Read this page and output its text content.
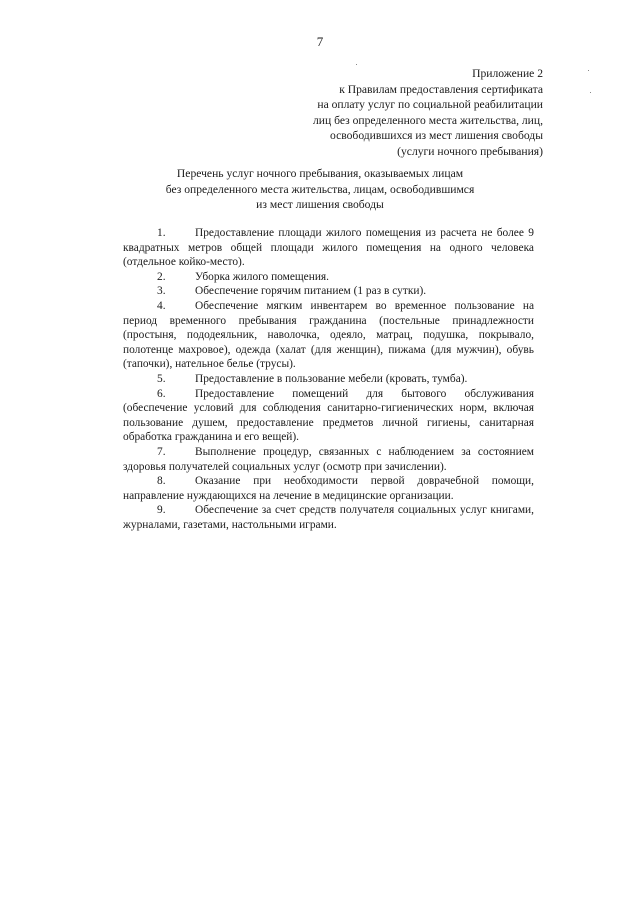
7
Приложение 2
к Правилам предоставления сертификата
на оплату услуг по социальной реабилитации
лиц без определенного места жительства, лиц,
освободившихся из мест лишения свободы
(услуги ночного пребывания)
Перечень услуг ночного пребывания, оказываемых лицам
без определенного места жительства, лицам, освободившимся
из мест лишения свободы

1.	Предоставление площади жилого помещения из расчета не более 9 квадратных метров общей площади жилого помещения на одного человека (отдельное койко-место).

2.	Уборка жилого помещения.

3.	Обеспечение горячим питанием (1 раз в сутки).

4.	Обеспечение мягким инвентарем во временное пользование на период временного пребывания гражданина (постельные принадлежности (простыня, пододеяльник, наволочка, одеяло, матрац, подушка, покрывало, полотенце махровое), одежда (халат (для женщин), пижама (для мужчин), обувь (тапочки), нательное белье (трусы).

5.	Предоставление в пользование мебели (кровать, тумба).

6.	Предоставление помещений для бытового обслуживания (обеспечение условий для соблюдения санитарно-гигиенических норм, включая пользование душем, предоставление предметов личной гигиены, санитарная обработка гражданина и его вещей).

7.	Выполнение процедур, связанных с наблюдением за состоянием здоровья получателей социальных услуг (осмотр при зачислении).

8.	Оказание при необходимости первой доврачебной помощи, направление нуждающихся на лечение в медицинские организации.

9.	Обеспечение за счет средств получателя социальных услуг книгами, журналами, газетами, настольными играми.
